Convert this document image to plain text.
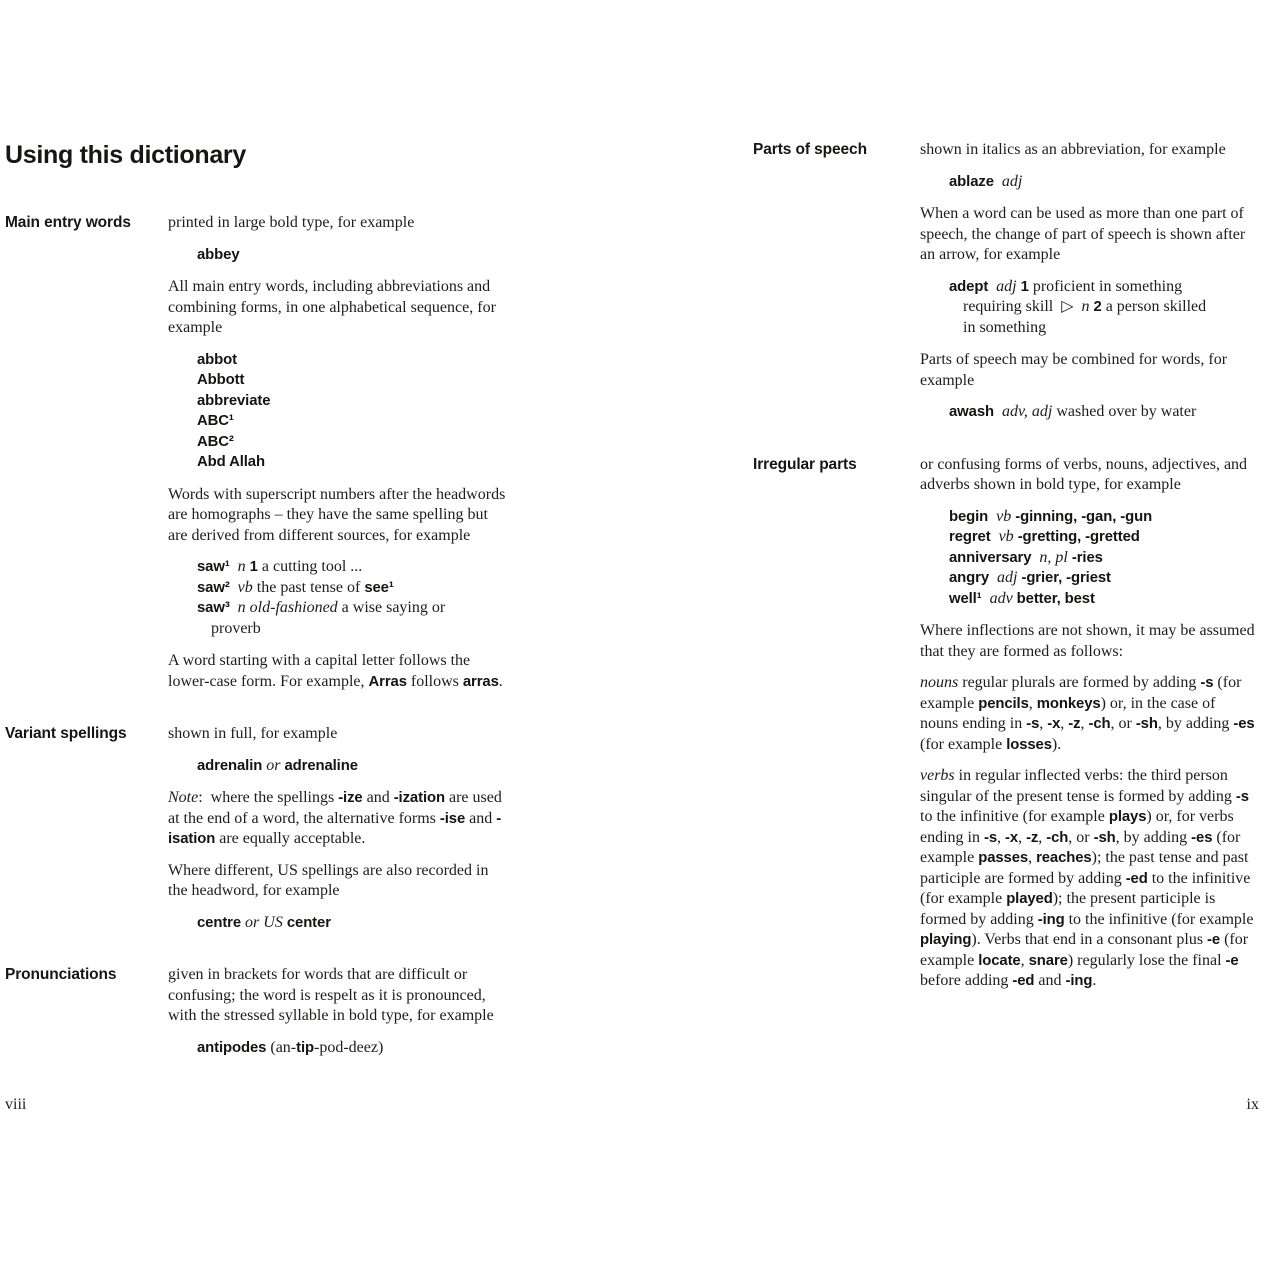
Using this dictionary
Main entry words	printed in large bold type, for example

abbey

All main entry words, including abbreviations and combining forms, in one alphabetical sequence, for example

abbot
Abbott
abbreviate
ABC¹
ABC²
Abd Allah

Words with superscript numbers after the headwords are homographs – they have the same spelling but are derived from different sources, for example

saw¹  n 1 a cutting tool ...
saw²  vb the past tense of see¹
saw³  n old-fashioned a wise saying or
proverb

A word starting with a capital letter follows the lower-case form. For example, Arras follows arras.

Variant spellings	shown in full, for example

adrenalin or adrenaline

Note: where the spellings -ize and -ization are used at the end of a word, the alternative forms -ise and -isation are equally acceptable.

Where different, US spellings are also recorded in the headword, for example

centre or US center
Pronunciations	given in brackets for words that are difficult or confusing; the word is respelt as it is pronounced, with the stressed syllable in bold type, for example

antipodes (an-tip-pod-deez)
Parts of speech	shown in italics as an abbreviation, for example

ablaze  adj

When a word can be used as more than one part of speech, the change of part of speech is shown after an arrow, for example

adept  adj 1 proficient in something
requiring skill ▷ n 2 a person skilled
in something

Parts of speech may be combined for words, for example

awash  adv, adj washed over by water
Irregular parts	or confusing forms of verbs, nouns, adjectives, and adverbs shown in bold type, for example

begin  vb -ginning, -gan, -gun
regret  vb -gretting, -gretted
anniversary  n, pl -ries
angry  adj -grier, -griest
well¹  adv better, best

Where inflections are not shown, it may be assumed that they are formed as follows:

nouns regular plurals are formed by adding -s (for example pencils, monkeys) or, in the case of nouns ending in -s, -x, -z, -ch, or -sh, by adding -es (for example losses).

verbs in regular inflected verbs: the third person singular of the present tense is formed by adding -s to the infinitive (for example plays) or, for verbs ending in -s, -x, -z, -ch, or -sh, by adding -es (for example passes, reaches); the past tense and past participle are formed by adding -ed to the infinitive (for example played); the present participle is formed by adding -ing to the infinitive (for example playing). Verbs that end in a consonant plus -e (for example locate, snare) regularly lose the final -e before adding -ed and -ing.

viii	ix
